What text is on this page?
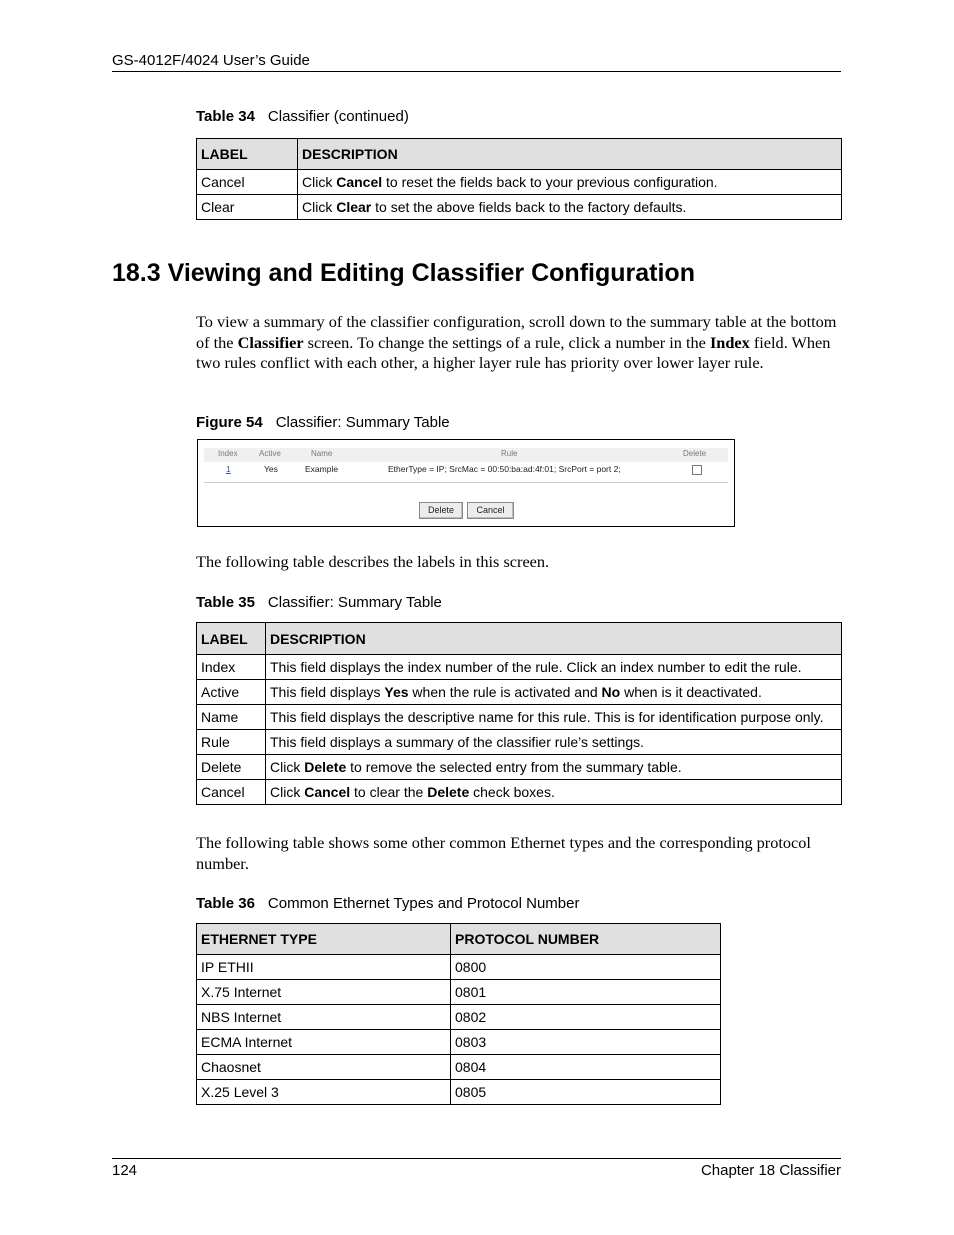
GS-4012F/4024 User’s Guide
Table 34 Classifier (continued)
LABEL	DESCRIPTION
Cancel	Click Cancel to reset the fields back to your previous configuration.
Clear	Click Clear to set the above fields back to the factory defaults.
18.3 Viewing and Editing Classifier Configuration
To view a summary of the classifier configuration, scroll down to the summary table at the bottom of the Classifier screen. To change the settings of a rule, click a number in the Index field. When two rules conflict with each other, a higher layer rule has priority over lower layer rule.
Figure 54 Classifier: Summary Table
Index	Active	Name	Rule	Delete
1	Yes	Example	EtherType = IP; SrcMac = 00:50:ba:ad:4f:01; SrcPort = port 2;
Delete	Cancel
The following table describes the labels in this screen.
Table 35 Classifier: Summary Table
LABEL	DESCRIPTION
Index	This field displays the index number of the rule. Click an index number to edit the rule.
Active	This field displays Yes when the rule is activated and No when is it deactivated.
Name	This field displays the descriptive name for this rule. This is for identification purpose only.
Rule	This field displays a summary of the classifier rule’s settings.
Delete	Click Delete to remove the selected entry from the summary table.
Cancel	Click Cancel to clear the Delete check boxes.
The following table shows some other common Ethernet types and the corresponding protocol number.
Table 36 Common Ethernet Types and Protocol Number
ETHERNET TYPE	PROTOCOL NUMBER
IP ETHII	0800
X.75 Internet	0801
NBS Internet	0802
ECMA Internet	0803
Chaosnet	0804
X.25 Level 3	0805
124	Chapter 18 Classifier
